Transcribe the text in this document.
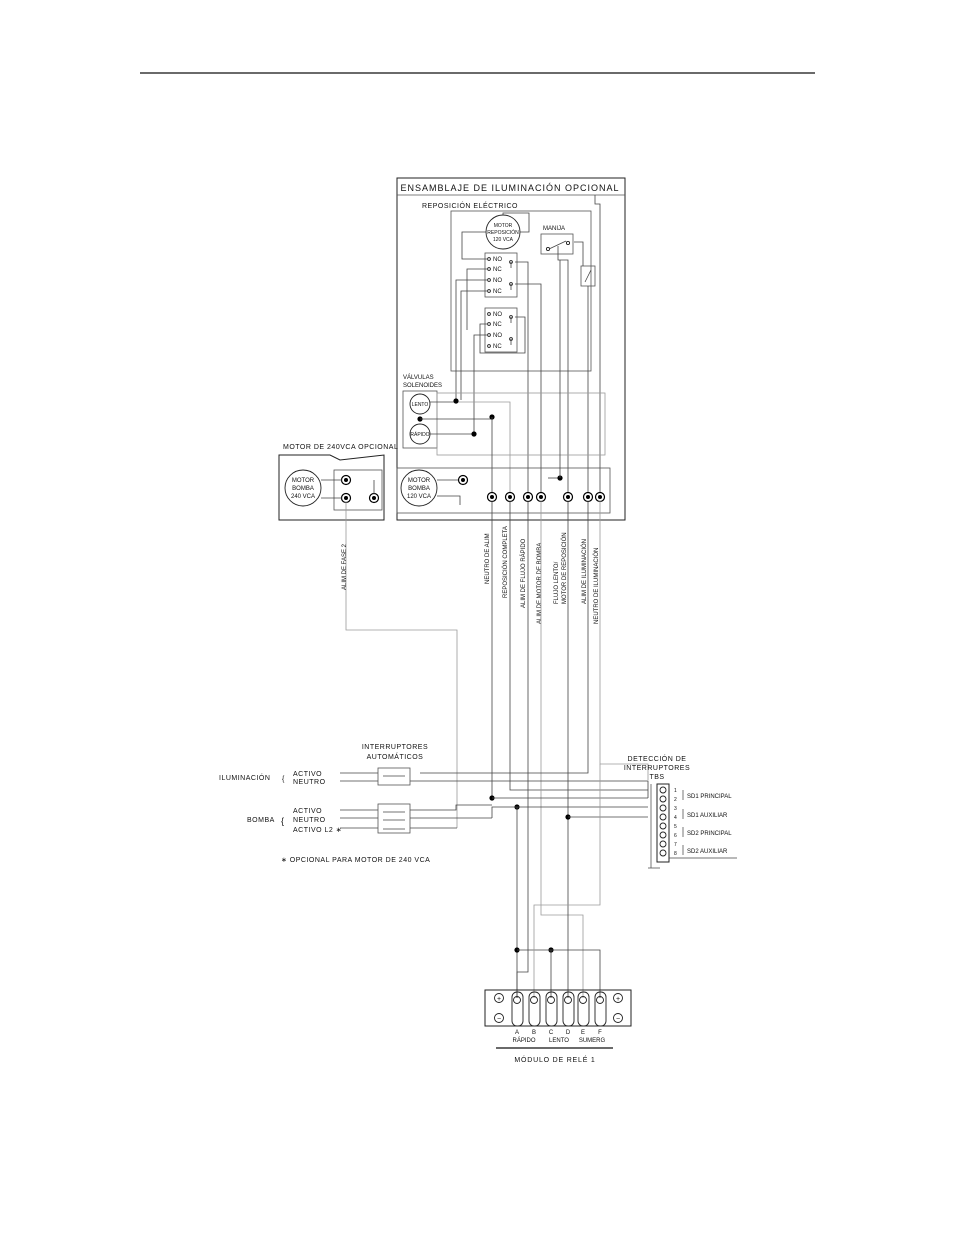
ENSAMBLAJE DE ILUMINACIÓN OPCIONAL
REPOSICIÓN ELÉCTRICO
MOTOR
REPOSICIÓN
120 VCA
MANIJA
NO
NC
NO
NC
NO
NC
NO
NC
VÁLVULAS
SOLENOIDES
LENTO
RÁPIDO
MOTOR
BOMBA
120 VCA
MOTOR DE 240VCA OPCIONAL
MOTOR
BOMBA
240 VCA
ALIM DE FASE 2	NEUTRO DE ALIM REPOSICIÓN COMPLETA ALIM DE FLUJO RÁPIDO ALIM DE MOTOR DE BOMBA FLUJO LENTO/ MOTOR DE REPOSICIÓN ALIM DE ILUMINACIÓN NEUTRO DE ILUMINACIÓN
INTERRUPTORES
AUTOMÁTICOS
ILUMINACIÓN {
ACTIVO
NEUTRO
BOMBA {
ACTIVO
NEUTRO
ACTIVO L2 ∗
∗ OPCIONAL PARA MOTOR DE 240 VCA
DETECCIÓN DE
INTERRUPTORES
TBS
1
2
3
4
5
6
7
8
SD1 PRINCIPAL
SD1 AUXILIAR
SD2 PRINCIPAL
SD2 AUXILIAR
+
−
+
−
A B C D E F
RÁPIDO LENTO SUMERG
MÓDULO DE RELÉ 1
